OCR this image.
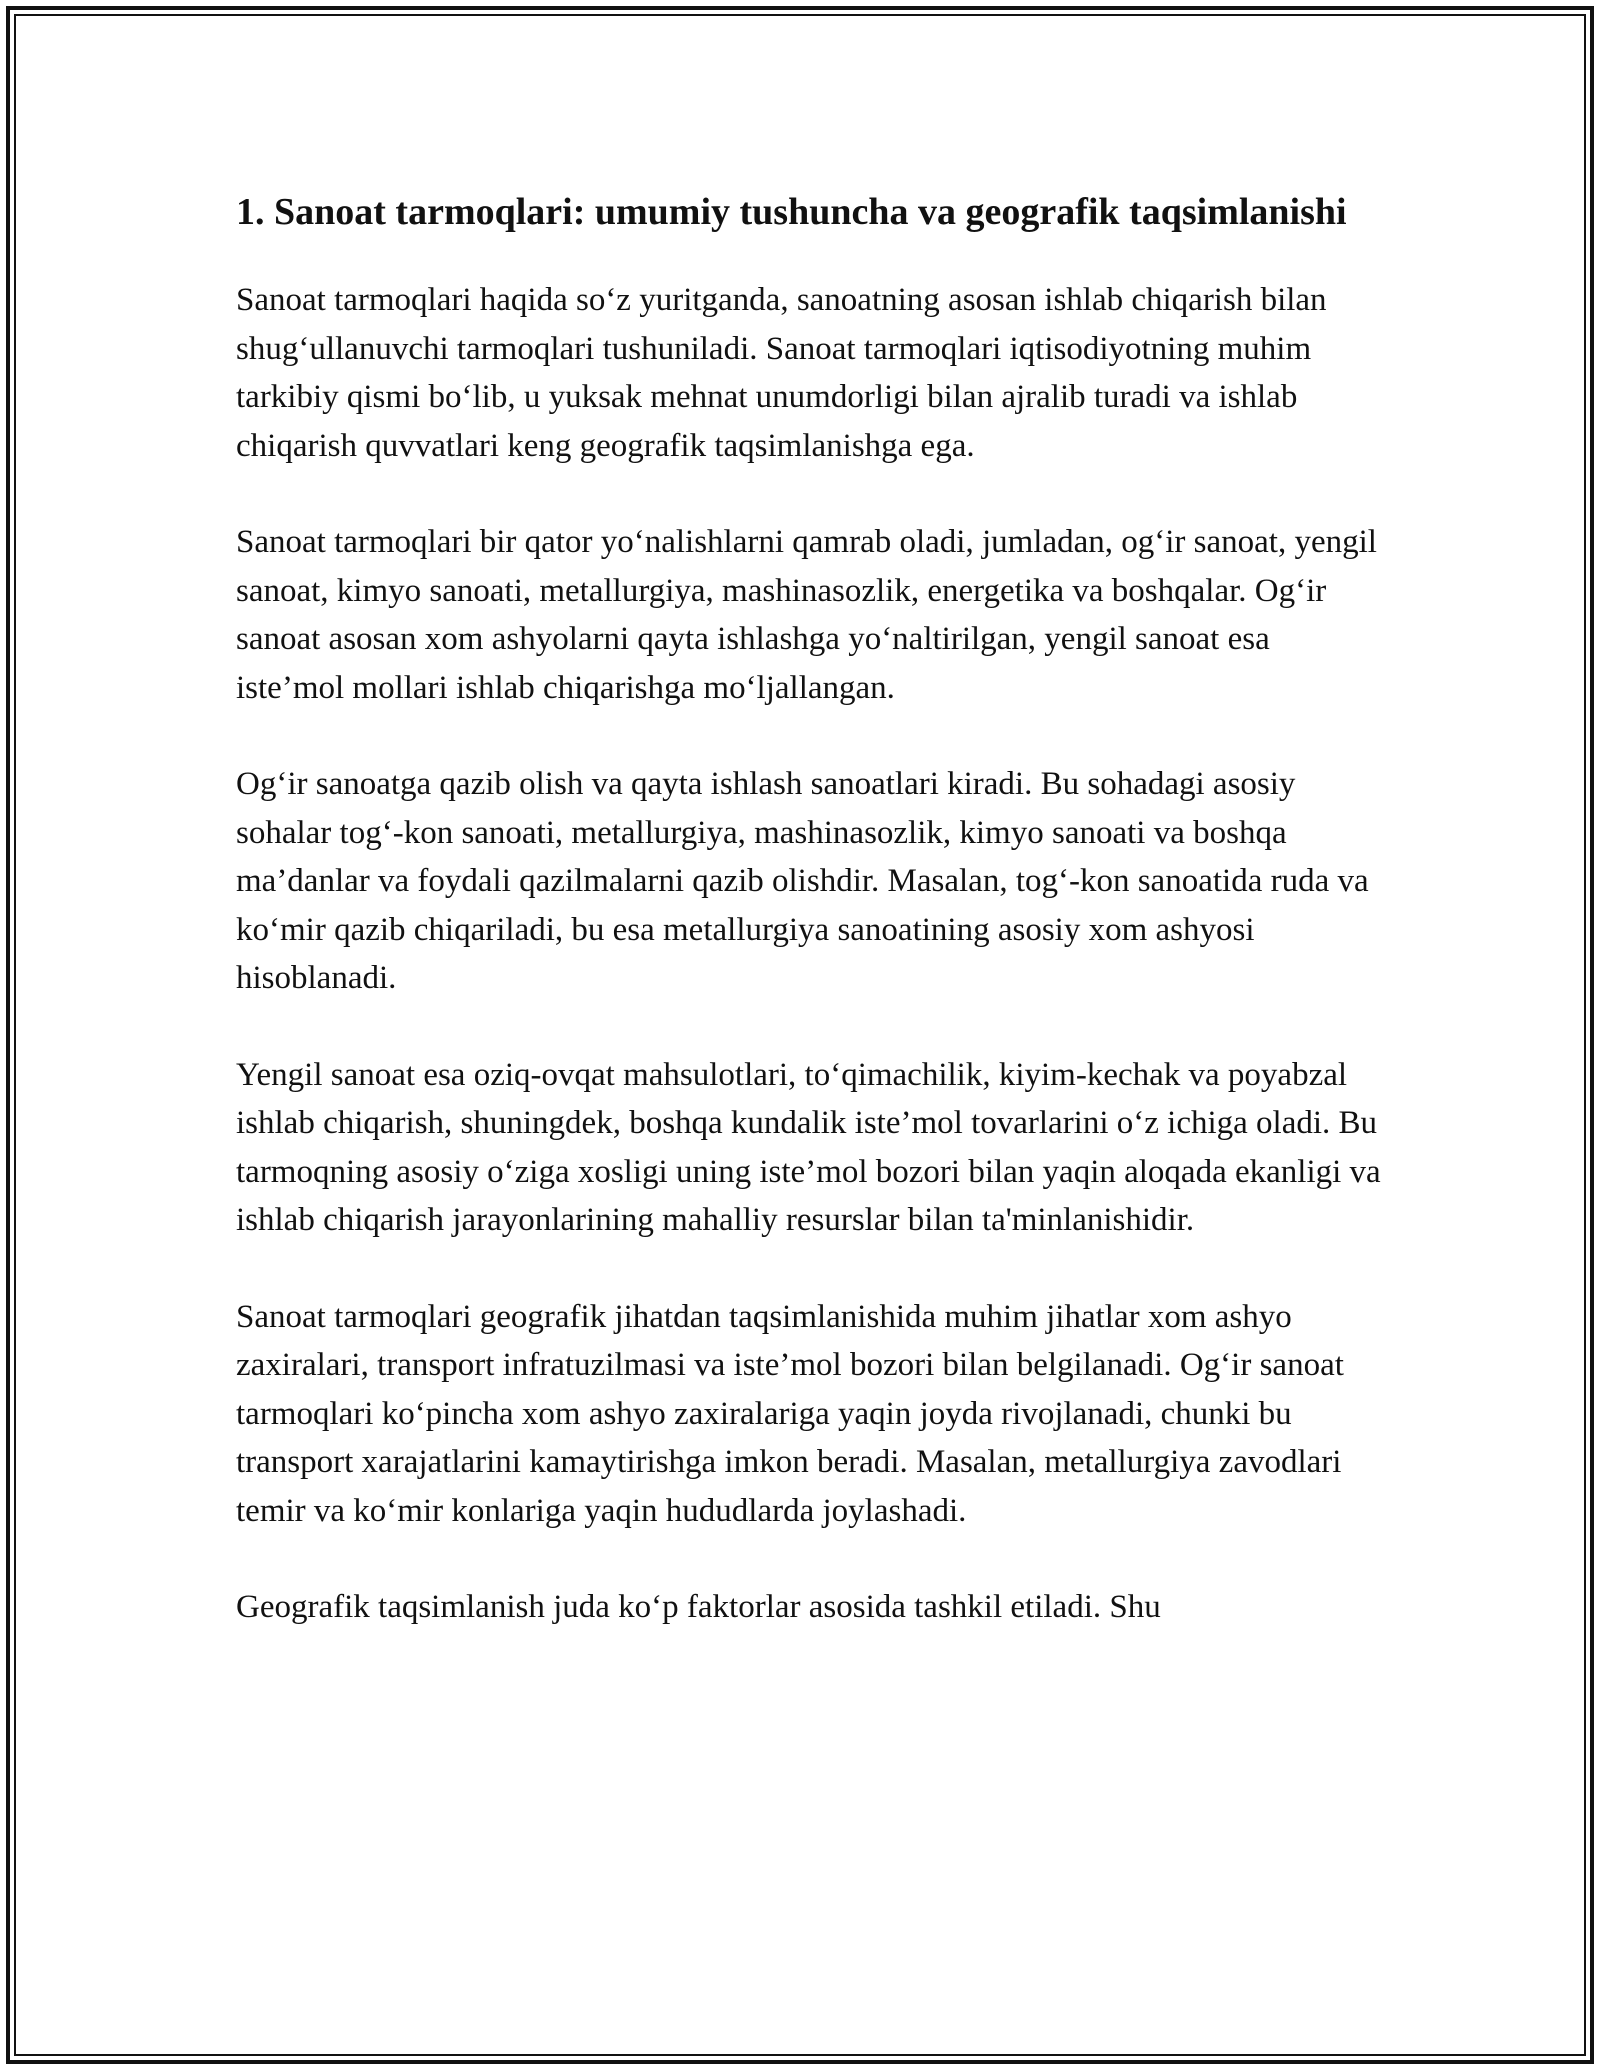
1. Sanoat tarmoqlari: umumiy tushuncha va geografik taqsimlanishi

Sanoat tarmoqlari haqida so‘z yuritganda, sanoatning asosan ishlab chiqarish bilan shug‘ullanuvchi tarmoqlari tushuniladi. Sanoat tarmoqlari iqtisodiyotning muhim tarkibiy qismi bo‘lib, u yuksak mehnat unumdorligi bilan ajralib turadi va ishlab chiqarish quvvatlari keng geografik taqsimlanishga ega.

Sanoat tarmoqlari bir qator yo‘nalishlarni qamrab oladi, jumladan, og‘ir sanoat, yengil sanoat, kimyo sanoati, metallurgiya, mashinasozlik, energetika va boshqalar. Og‘ir sanoat asosan xom ashyolarni qayta ishlashga yo‘naltirilgan, yengil sanoat esa iste’mol mollari ishlab chiqarishga mo‘ljallangan.

Og‘ir sanoatga qazib olish va qayta ishlash sanoatlari kiradi. Bu sohadagi asosiy sohalar tog‘-kon sanoati, metallurgiya, mashinasozlik, kimyo sanoati va boshqa ma’danlar va foydali qazilmalarni qazib olishdir. Masalan, tog‘-kon sanoatida ruda va ko‘mir qazib chiqariladi, bu esa metallurgiya sanoatining asosiy xom ashyosi hisoblanadi.

Yengil sanoat esa oziq-ovqat mahsulotlari, to‘qimachilik, kiyim-kechak va poyabzal ishlab chiqarish, shuningdek, boshqa kundalik iste’mol tovarlarini o‘z ichiga oladi. Bu tarmoqning asosiy o‘ziga xosligi uning iste’mol bozori bilan yaqin aloqada ekanligi va ishlab chiqarish jarayonlarining mahalliy resurslar bilan ta'minlanishidir.

Sanoat tarmoqlari geografik jihatdan taqsimlanishida muhim jihatlar xom ashyo zaxiralari, transport infratuzilmasi va iste’mol bozori bilan belgilanadi. Og‘ir sanoat tarmoqlari ko‘pincha xom ashyo zaxiralariga yaqin joyda rivojlanadi, chunki bu transport xarajatlarini kamaytirishga imkon beradi. Masalan, metallurgiya zavodlari temir va ko‘mir konlariga yaqin hududlarda joylashadi.

Geografik taqsimlanish juda ko‘p faktorlar asosida tashkil etiladi. Shu
